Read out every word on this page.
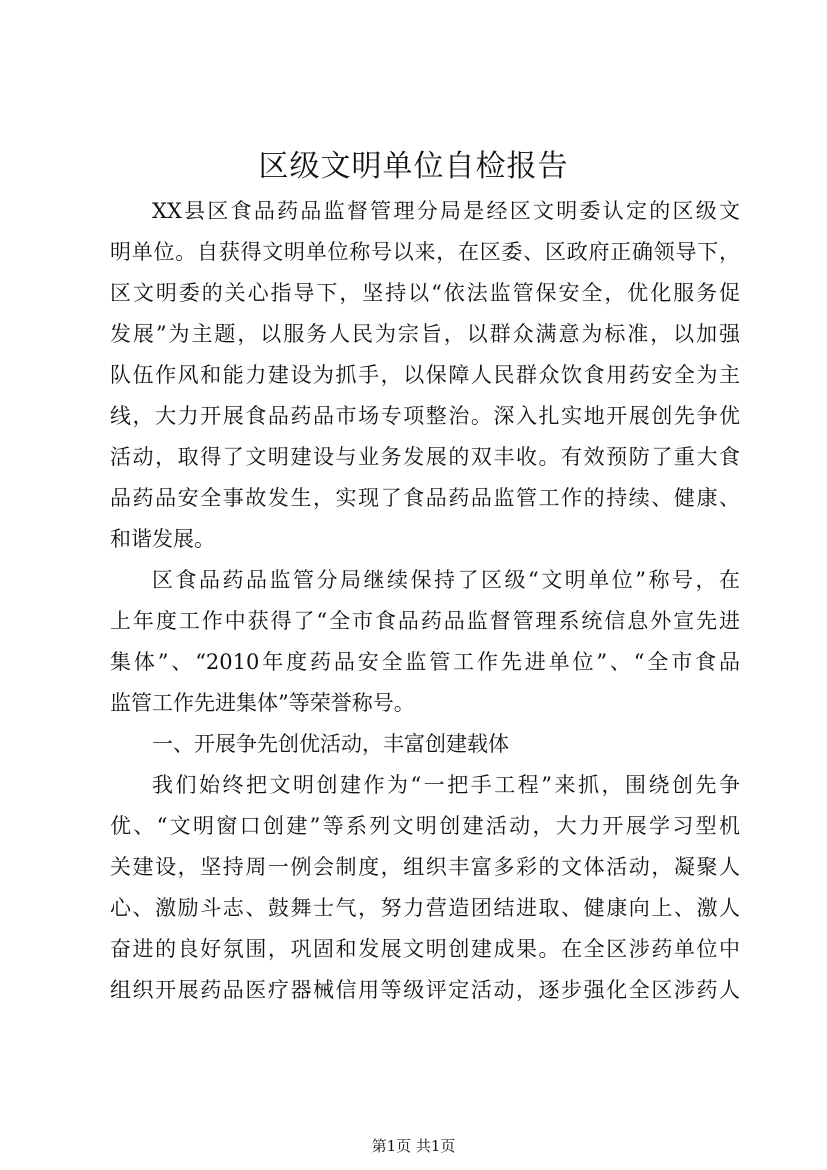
区级文明单位自检报告
XX县区食品药品监督管理分局是经区文明委认定的区级文
明单位。自获得文明单位称号以来，在区委、区政府正确领导下，
区文明委的关心指导下，坚持以“依法监管保安全，优化服务促
发展”为主题，以服务人民为宗旨，以群众满意为标准，以加强
队伍作风和能力建设为抓手，以保障人民群众饮食用药安全为主
线，大力开展食品药品市场专项整治。深入扎实地开展创先争优
活动，取得了文明建设与业务发展的双丰收。有效预防了重大食
品药品安全事故发生，实现了食品药品监管工作的持续、健康、
和谐发展。
区食品药品监管分局继续保持了区级“文明单位”称号，在
上年度工作中获得了“全市食品药品监督管理系统信息外宣先进
集体”、“2010年度药品安全监管工作先进单位”、“全市食品
监管工作先进集体”等荣誉称号。
一、开展争先创优活动，丰富创建载体
我们始终把文明创建作为“一把手工程”来抓，围绕创先争
优、“文明窗口创建”等系列文明创建活动，大力开展学习型机
关建设，坚持周一例会制度，组织丰富多彩的文体活动，凝聚人
心、激励斗志、鼓舞士气，努力营造团结进取、健康向上、激人
奋进的良好氛围，巩固和发展文明创建成果。在全区涉药单位中
组织开展药品医疗器械信用等级评定活动，逐步强化全区涉药人
第1页 共1页
